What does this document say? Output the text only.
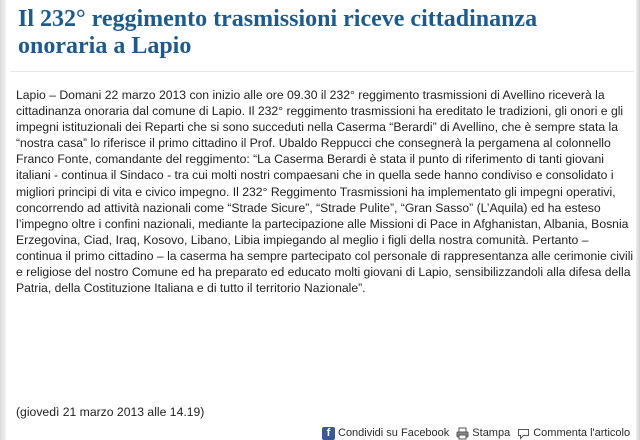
Il 232° reggimento trasmissioni riceve cittadinanza onoraria a Lapio

Lapio – Domani 22 marzo 2013 con inizio alle ore 09.30 il 232° reggimento trasmissioni di Avellino riceverà la cittadinanza onoraria dal comune di Lapio. Il 232° reggimento trasmissioni ha ereditato le tradizioni, gli onori e gli impegni istituzionali dei Reparti che si sono succeduti nella Caserma “Berardi” di Avellino, che è sempre stata la “nostra casa” lo riferisce il primo cittadino il Prof. Ubaldo Reppucci che consegnerà la pergamena al colonnello Franco Fonte, comandante del reggimento: “La Caserma Berardi è stata il punto di riferimento di tanti giovani italiani - continua il Sindaco - tra cui molti nostri compaesani che in quella sede hanno condiviso e consolidato i migliori principi di vita e civico impegno. Il 232° Reggimento Trasmissioni ha implementato gli impegni operativi, concorrendo ad attività nazionali come “Strade Sicure”, “Strade Pulite”, “Gran Sasso” (L’Aquila) ed ha esteso l’impegno oltre i confini nazionali, mediante la partecipazione alle Missioni di Pace in Afghanistan, Albania, Bosnia Erzegovina, Ciad, Iraq, Kosovo, Libano, Libia impiegando al meglio i figli della nostra comunità. Pertanto – continua il primo cittadino – la caserma ha sempre partecipato col personale di rappresentanza alle cerimonie civili e religiose del nostro Comune ed ha preparato ed educato molti giovani di Lapio, sensibilizzandoli alla difesa della Patria, della Costituzione Italiana e di tutto il territorio Nazionale”.

(giovedì 21 marzo 2013 alle 14.19)

f Condividi su Facebook Stampa Commenta l'articolo
